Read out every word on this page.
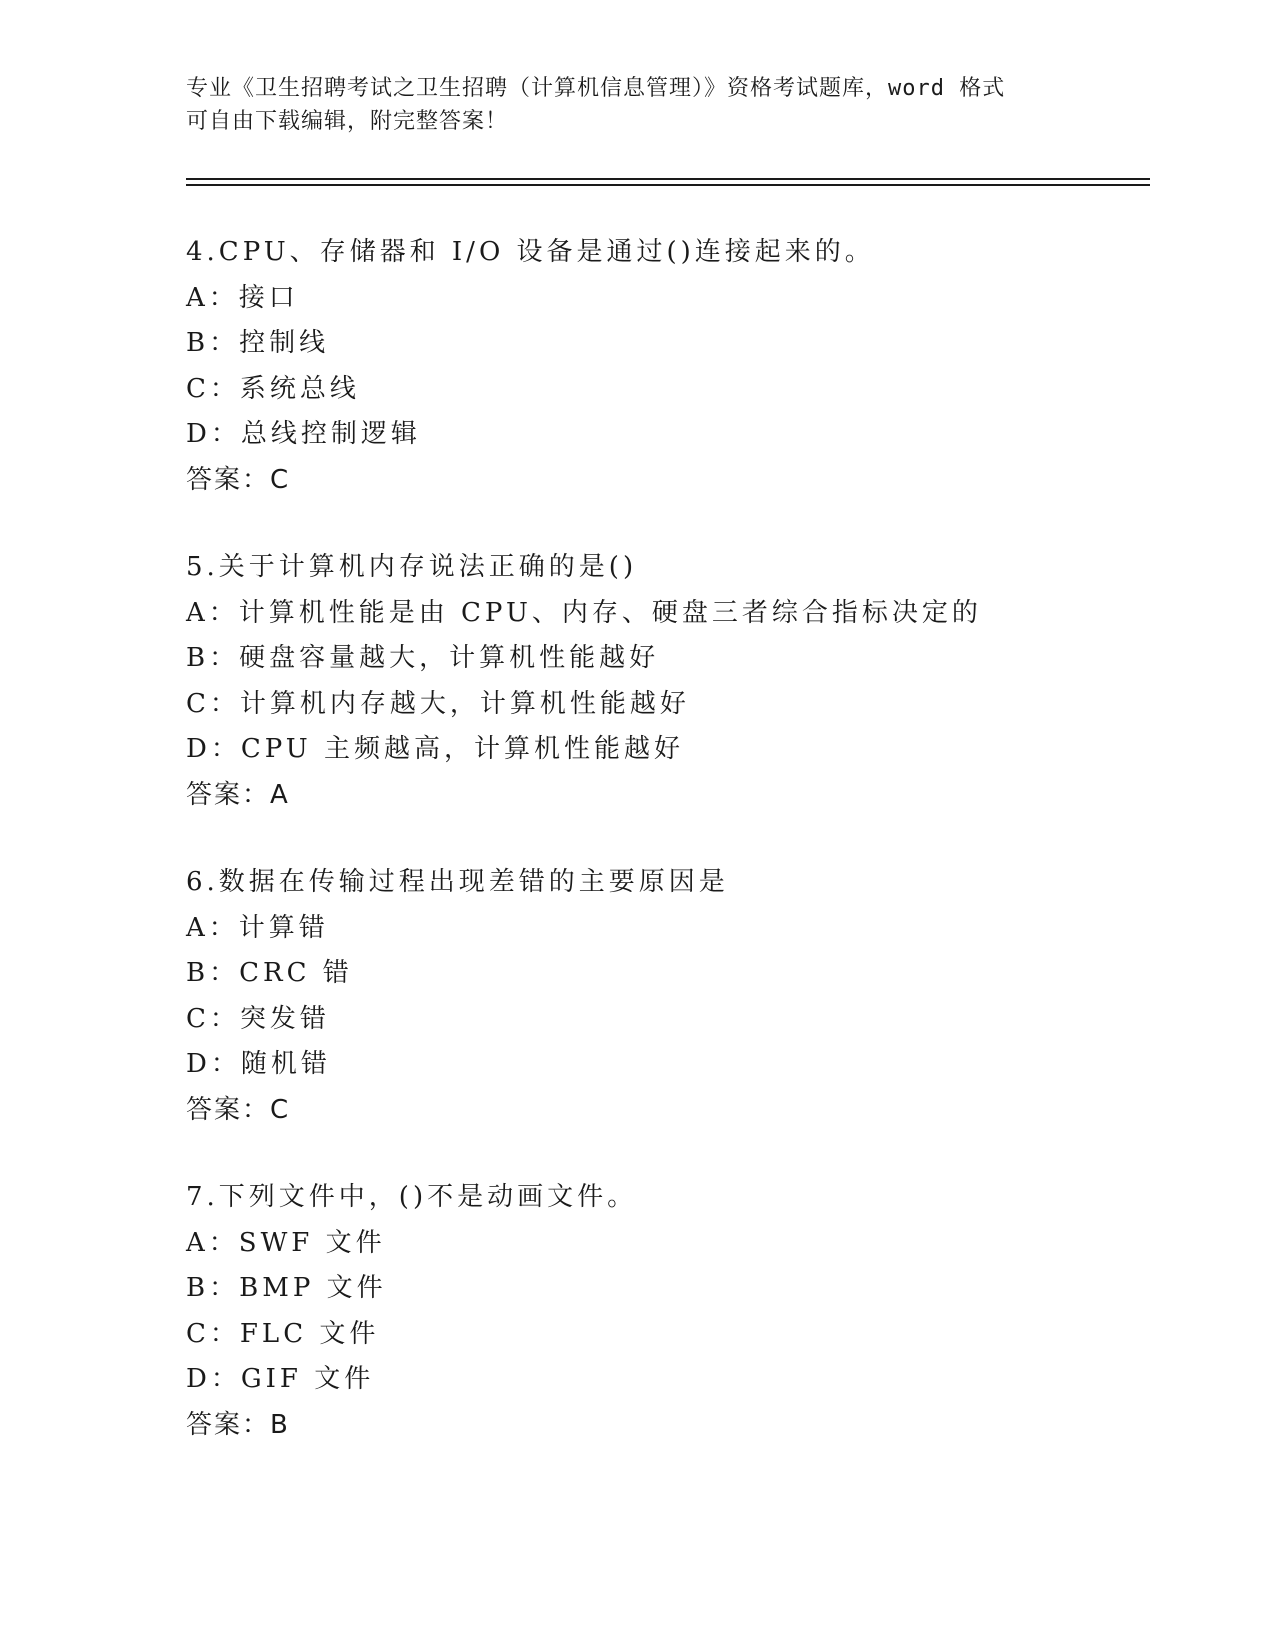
专业《卫生招聘考试之卫生招聘（计算机信息管理）》资格考试题库，word 格式
可自由下载编辑，附完整答案！
4.CPU、存储器和 I/O 设备是通过()连接起来的。
A：接口
B：控制线
C：系统总线
D：总线控制逻辑
答案：C
5.关于计算机内存说法正确的是()
A：计算机性能是由 CPU、内存、硬盘三者综合指标决定的
B：硬盘容量越大，计算机性能越好
C：计算机内存越大，计算机性能越好
D：CPU 主频越高，计算机性能越好
答案：A
6.数据在传输过程出现差错的主要原因是
A：计算错
B：CRC 错
C：突发错
D：随机错
答案：C
7.下列文件中，()不是动画文件。
A：SWF 文件
B：BMP 文件
C：FLC 文件
D：GIF 文件
答案：B
